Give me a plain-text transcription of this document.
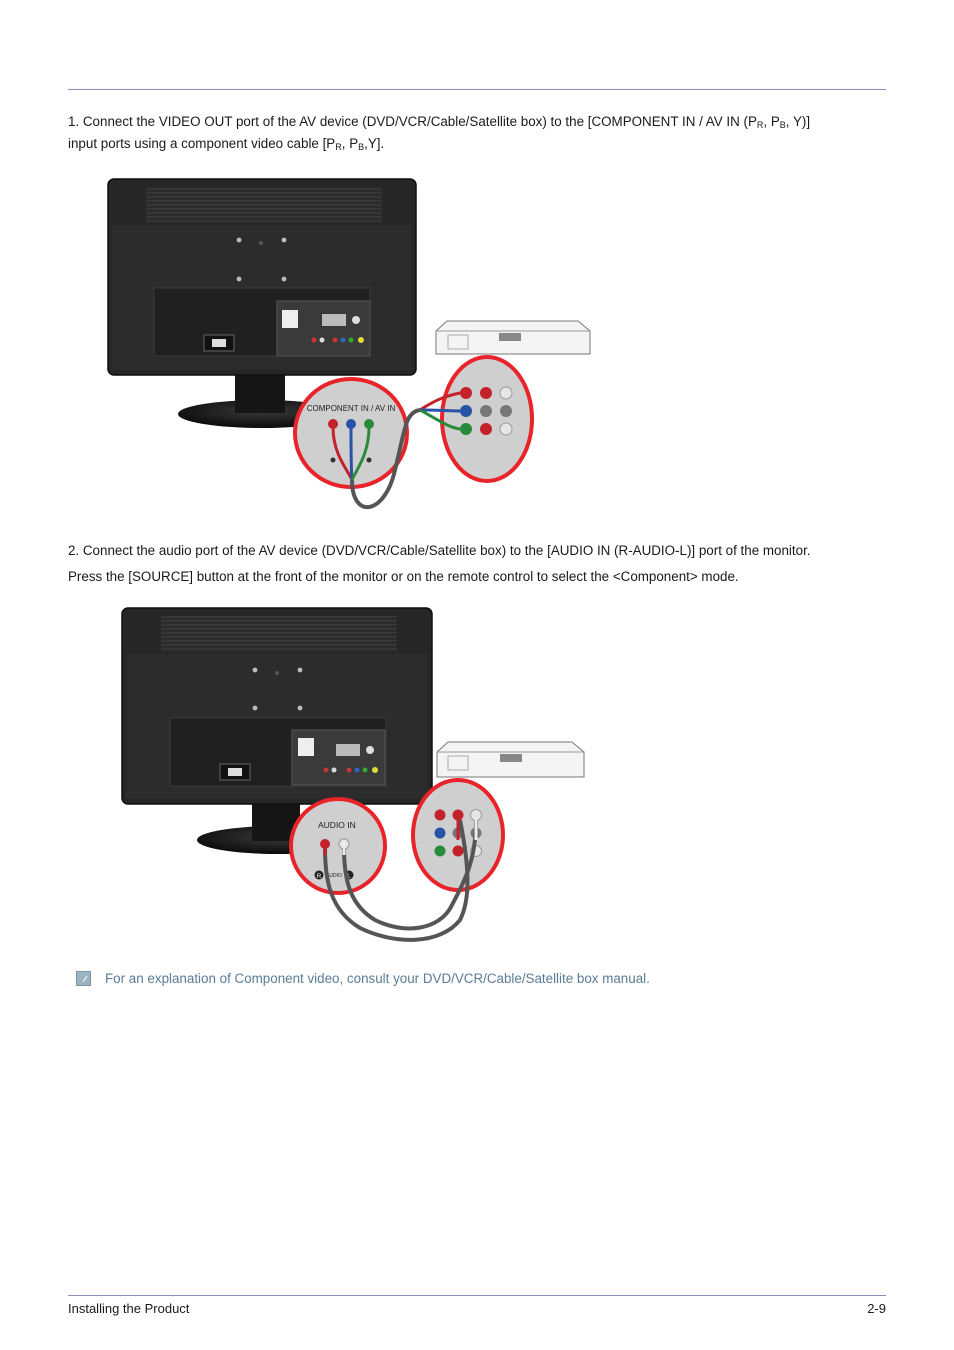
1. Connect the VIDEO OUT port of the AV device (DVD/VCR/Cable/Satellite box) to the [COMPONENT IN / AV IN ($P_R$, $P_B$, Y)]
input ports using a component video cable [$P_R$, $P_B,Y$].
COMPONENT IN / AV IN
2. Connect the audio port of the AV device (DVD/VCR/Cable/Satellite box) to the [AUDIO IN (R-AUDIO-L)] port of the monitor.
Press the [SOURCE] button at the front of the monitor or on the remote control to select the <Component> mode.
AUDIO IN
R AUDIO L
For an explanation of Component video, consult your DVD/VCR/Cable/Satellite box manual.
Installing the Product	2-9
